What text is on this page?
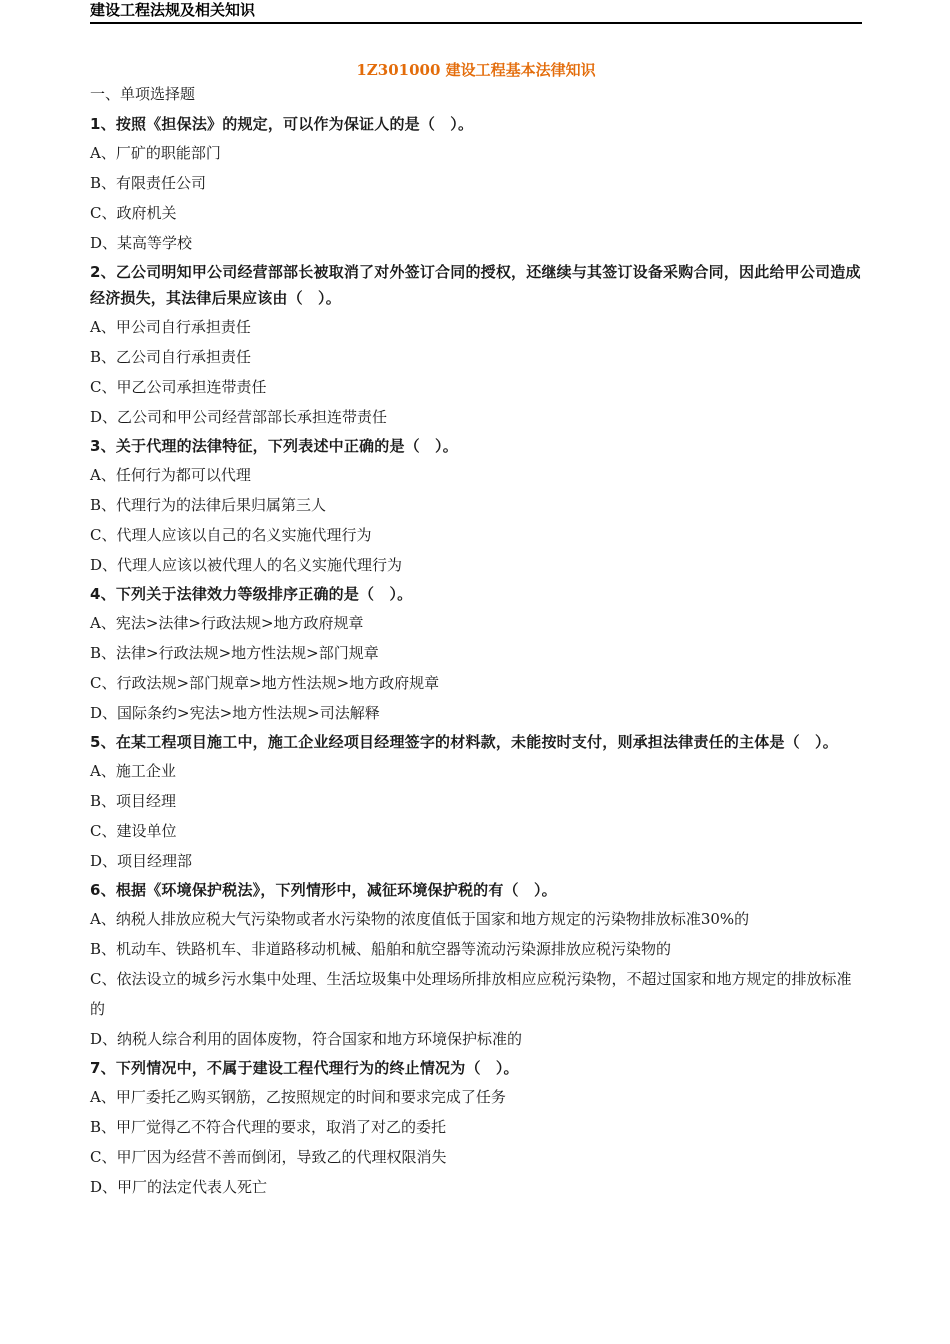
建设工程法规及相关知识
1Z301000 建设工程基本法律知识
一、单项选择题
1、按照《担保法》的规定，可以作为保证人的是（　）。
A、厂矿的职能部门
B、有限责任公司
C、政府机关
D、某高等学校
2、乙公司明知甲公司经营部部长被取消了对外签订合同的授权，还继续与其签订设备采购合同，因此给甲公司造成经济损失，其法律后果应该由（　）。
A、甲公司自行承担责任
B、乙公司自行承担责任
C、甲乙公司承担连带责任
D、乙公司和甲公司经营部部长承担连带责任
3、关于代理的法律特征，下列表述中正确的是（　）。
A、任何行为都可以代理
B、代理行为的法律后果归属第三人
C、代理人应该以自己的名义实施代理行为
D、代理人应该以被代理人的名义实施代理行为
4、下列关于法律效力等级排序正确的是（　）。
A、宪法>法律>行政法规>地方政府规章
B、法律>行政法规>地方性法规>部门规章
C、行政法规>部门规章>地方性法规>地方政府规章
D、国际条约>宪法>地方性法规>司法解释
5、在某工程项目施工中，施工企业经项目经理签字的材料款，未能按时支付，则承担法律责任的主体是（　）。
A、施工企业
B、项目经理
C、建设单位
D、项目经理部
6、根据《环境保护税法》，下列情形中，减征环境保护税的有（　）。
A、纳税人排放应税大气污染物或者水污染物的浓度值低于国家和地方规定的污染物排放标准30%的
B、机动车、铁路机车、非道路移动机械、船舶和航空器等流动污染源排放应税污染物的
C、依法设立的城乡污水集中处理、生活垃圾集中处理场所排放相应应税污染物，不超过国家和地方规定的排放标准的
D、纳税人综合利用的固体废物，符合国家和地方环境保护标准的
7、下列情况中，不属于建设工程代理行为的终止情况为（　）。
A、甲厂委托乙购买钢筋，乙按照规定的时间和要求完成了任务
B、甲厂觉得乙不符合代理的要求，取消了对乙的委托
C、甲厂因为经营不善而倒闭，导致乙的代理权限消失
D、甲厂的法定代表人死亡
